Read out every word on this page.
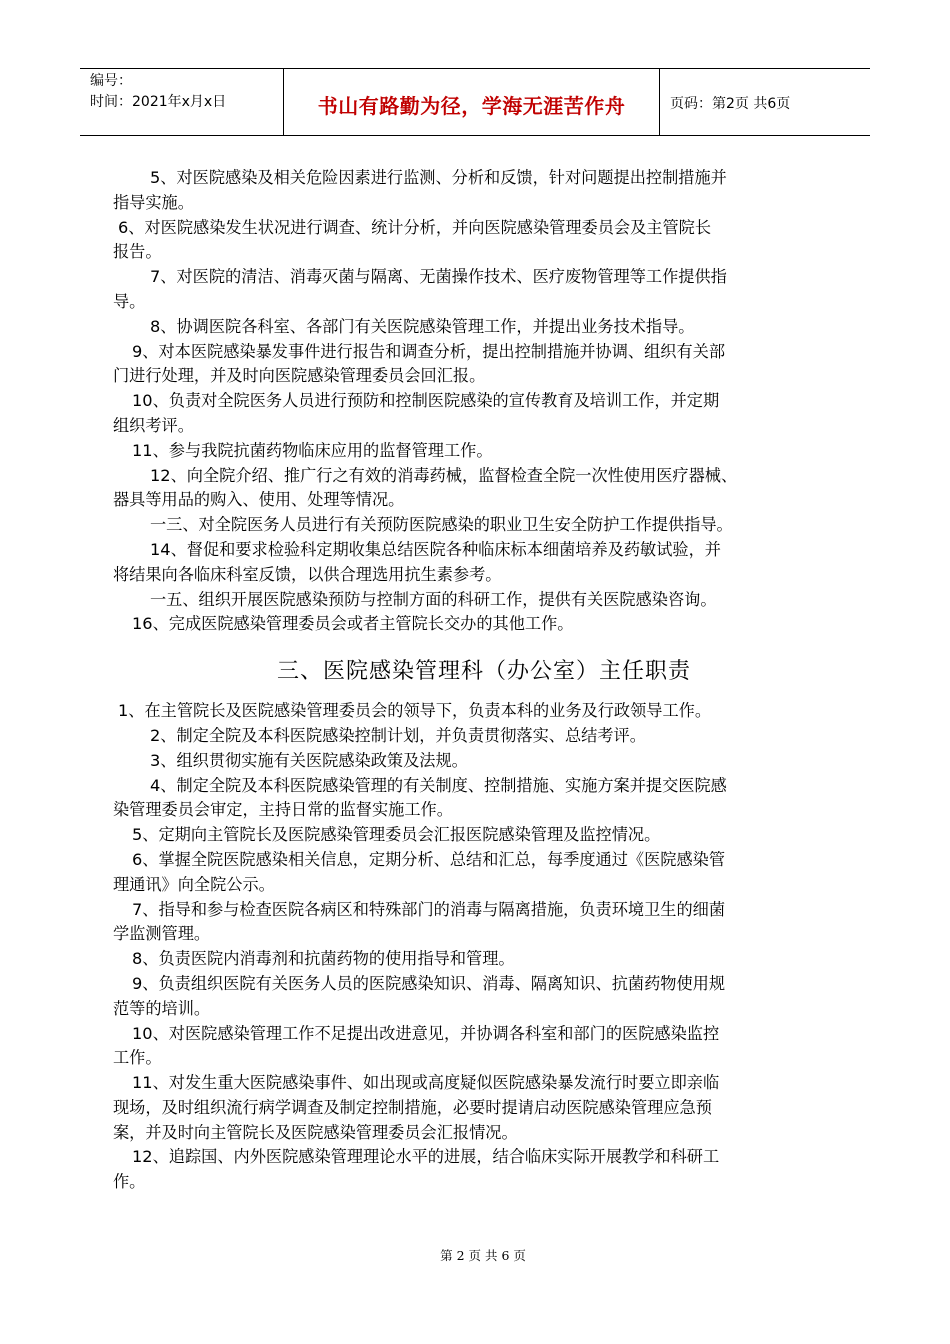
编号：
时间：2021年x月x日	书山有路勤为径，学海无涯苦作舟	页码：第2页 共6页

5、对医院感染及相关危险因素进行监测、分析和反馈，针对问题提出控制措施并

指导实施。

6、对医院感染发生状况进行调查、统计分析，并向医院感染管理委员会及主管院长

报告。

7、对医院的清洁、消毒灭菌与隔离、无菌操作技术、医疗废物管理等工作提供指

导。

8、协调医院各科室、各部门有关医院感染管理工作，并提出业务技术指导。

9、对本医院感染暴发事件进行报告和调查分析，提出控制措施并协调、组织有关部

门进行处理，并及时向医院感染管理委员会回汇报。

10、负责对全院医务人员进行预防和控制医院感染的宣传教育及培训工作，并定期

组织考评。

11、参与我院抗菌药物临床应用的监督管理工作。

12、向全院介绍、推广行之有效的消毒药械，监督检查全院一次性使用医疗器械、

器具等用品的购入、使用、处理等情况。

一三、对全院医务人员进行有关预防医院感染的职业卫生安全防护工作提供指导。

14、督促和要求检验科定期收集总结医院各种临床标本细菌培养及药敏试验，并

将结果向各临床科室反馈，以供合理选用抗生素参考。

一五、组织开展医院感染预防与控制方面的科研工作，提供有关医院感染咨询。

16、完成医院感染管理委员会或者主管院长交办的其他工作。

三、医院感染管理科（办公室）主任职责

1、在主管院长及医院感染管理委员会的领导下，负责本科的业务及行政领导工作。

2、制定全院及本科医院感染控制计划，并负责贯彻落实、总结考评。

3、组织贯彻实施有关医院感染政策及法规。

4、制定全院及本科医院感染管理的有关制度、控制措施、实施方案并提交医院感

染管理委员会审定，主持日常的监督实施工作。

5、定期向主管院长及医院感染管理委员会汇报医院感染管理及监控情况。

6、掌握全院医院感染相关信息，定期分析、总结和汇总，每季度通过《医院感染管

理通讯》向全院公示。

7、指导和参与检查医院各病区和特殊部门的消毒与隔离措施，负责环境卫生的细菌

学监测管理。

8、负责医院内消毒剂和抗菌药物的使用指导和管理。

9、负责组织医院有关医务人员的医院感染知识、消毒、隔离知识、抗菌药物使用规

范等的培训。

10、对医院感染管理工作不足提出改进意见，并协调各科室和部门的医院感染监控

工作。

11、对发生重大医院感染事件、如出现或高度疑似医院感染暴发流行时要立即亲临

现场，及时组织流行病学调查及制定控制措施，必要时提请启动医院感染管理应急预

案，并及时向主管院长及医院感染管理委员会汇报情况。

12、追踪国、内外医院感染管理理论水平的进展，结合临床实际开展教学和科研工

作。

第 2 页 共 6 页
